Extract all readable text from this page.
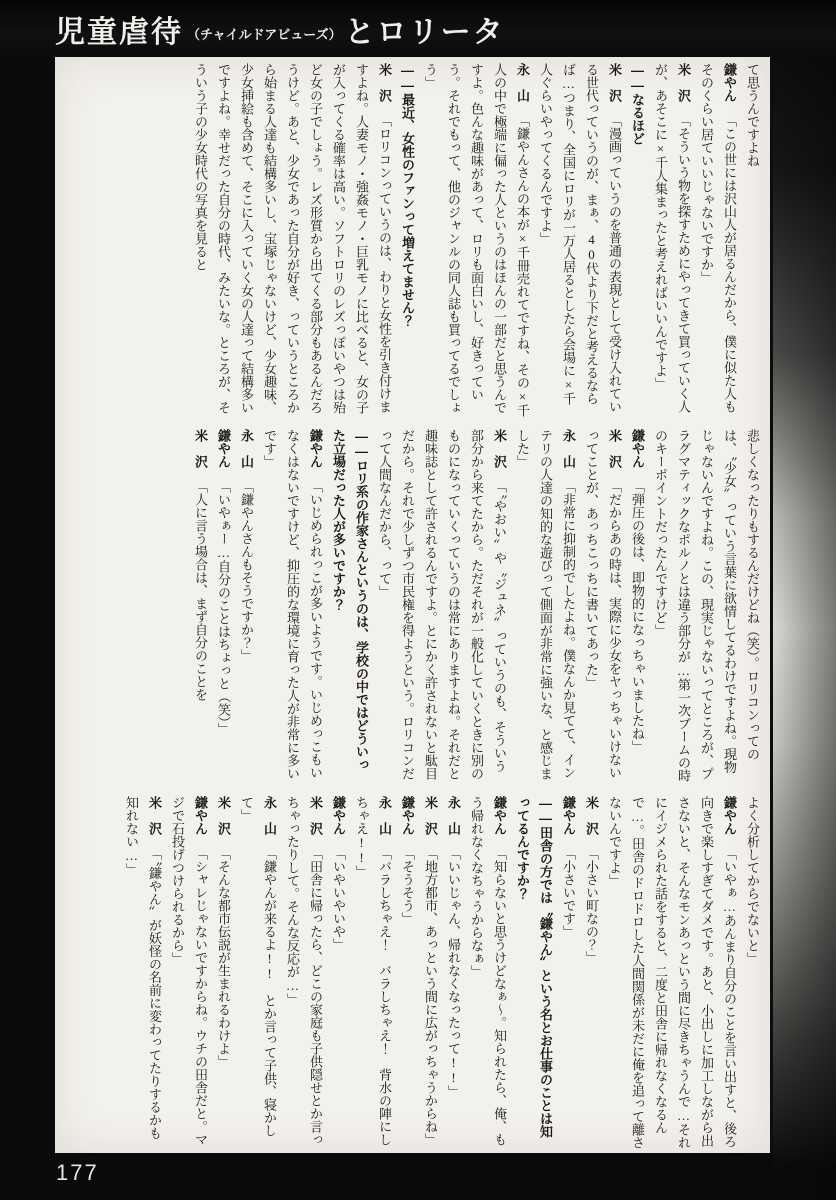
児童虐待 （チャイルドアビューズ） とロリータ

て思うんですよね

鎌やん「この世には沢山人が居るんだから、僕に似た人もそのくらい居ていいじゃないですか」

米　沢「そういう物を探すためにやってきて買っていく人が、あそこに×千人集まったと考えればいいんですよ」

——なるほど

米　沢「漫画っていうのを普通の表現として受け入れている世代っていうのが、まぁ、40代より下だと考えるならば…つまり、全国にロリが一万人居るとしたら会場に×千人ぐらいやってくるんですよ」

永　山「鎌やんさんの本が×千冊売れてですね、その×千人の中で極端に偏った人というのはほんの一部だと思うんですよ。色んな趣味があって、ロリも面白いし、好きっていう。それでもって、他のジャンルの同人誌も買ってるでしょう」

——最近、女性のファンって増えてません？

米　沢「ロリコンっていうのは、わりと女性を引き付けますよね。人妻モノ・強姦モノ・巨乳モノに比べると、女の子が入ってくる確率は高い。ソフトロリのレズっぽいやつは殆ど女の子でしょう。レズ形質から出てくる部分もあるんだろうけど。あと、少女であった自分が好き、っていうところから始まる人達も結構多いし、宝塚じゃないけど、少女趣味、少女挿絵も含めて、そこに入っていく女の人達って結構多いですよね。幸せだった自分の時代、みたいな。ところが、そういう子の少女時代の写真を見ると

悲しくなったりもするんだけどね（笑）。ロリコンってのは、〝少女〟っていう言葉に欲情してるわけですよね。現物じゃないんですよね。この、現実じゃないってところが、プラグマティックなポルノとは違う部分が…第一次ブームの時のキーポイントだったんですけど」

鎌やん「弾圧の後は、即物的になっちゃいましたね」

米　沢「だからあの時は、実際に少女をヤっちゃいけないってことが、あっちこっちに書いてあった」

永　山「非常に抑制的でしたよね。僕なんか見てて、インテリの人達の知的な遊びって側面が非常に強いな、と感じました」

米　沢「〝やおい〟や〝ジュネ〟っていうのも、そういう部分から来てたから。ただそれが一般化していくときに別のものになっていくっていうのは常にありますよね。それだと趣味誌として許されるんですよ。とにかく許されないと駄目だから。それで少しずつ市民権を得ようという。ロリコンだって人間なんだから、って」

——ロリ系の作家さんというのは、学校の中ではどういった立場だった人が多いですか？

鎌やん「いじめられっこが多いようです。いじめっこもいなくはないですけど、抑圧的な環境に育った人が非常に多いです」

永　山「鎌やんさんもそうですか？」

鎌やん「いやぁー…自分のことはちょっと（笑）」

米　沢「人に言う場合は、まず自分のことを

よく分析してからでないと」

鎌やん「いやぁ…あんまり自分のことを言い出すと、後ろ向きで楽しすぎてダメです。あと、小出しに加工しながら出さないと、そんなモンあっという間に尽きちゃうんで…それにイジメられた話をすると、二度と田舎に帰れなくなるんで…。田舎のドロドロした人間関係が未だに俺を追って離さないんですよ」

米　沢「小さい町なの？」

鎌やん「小さいです」

——田舎の方では〝鎌やん〟という名とお仕事のことは知ってるんですか？

鎌やん「知らないと思うけどなぁ～。知られたら、俺、もう帰れなくなちゃうからなぁ」

永　山「いいじゃん、帰れなくなったって!!」

米　沢「地方都市、あっという間に広がっちゃうからね」

鎌やん「そうそう」

永　山「バラしちゃえ！　バラしちゃえ！　背水の陣にしちゃえ!!」

鎌やん「いやいやいや」

米　沢「田舎に帰ったら、どこの家庭も子供隠せとか言っちゃったりして。そんな反応が…」

永　山「鎌やんが来るよ!!　とか言って子供、寝かして」

米　沢「そんな都市伝説が生まれるわけよ」

鎌やん「シャレじゃないですからね。ウチの田舎だと。マジで石投げつけられるから」

米　沢「〝鎌やん〟が妖怪の名前に変わってたりするかも知れない…」

177
